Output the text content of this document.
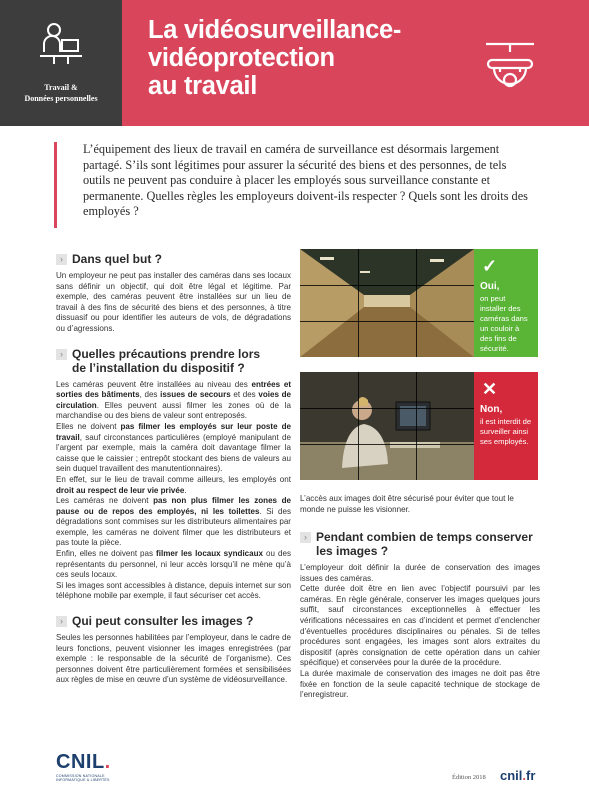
Travail &
Données personnelles
La vidéosurveillance-
vidéoprotection
au travail

L’équipement des lieux de travail en caméra de surveillance est désormais largement partagé. S’ils sont légitimes pour assurer la sécurité des biens et des personnes, de tels outils ne peuvent pas conduire à placer les employés sous surveillance constante et permanente. Quelles règles les employeurs doivent-ils respecter ? Quels sont les droits des employés ?

› Dans quel but ?

Un employeur ne peut pas installer des caméras dans ses locaux sans définir un objectif, qui doit être légal et légitime. Par exemple, des caméras peuvent être installées sur un lieu de travail à des fins de sécurité des biens et des personnes, à titre dissuasif ou pour identifier les auteurs de vols, de dégradations ou d’agressions.

› Quelles précautions prendre lors
de l’installation du dispositif ?

Les caméras peuvent être installées au niveau des entrées et sorties des bâtiments, des issues de secours et des voies de circulation. Elles peuvent aussi filmer les zones où de la marchandise ou des biens de valeur sont entreposés.

Elles ne doivent pas filmer les employés sur leur poste de travail, sauf circonstances particulières (employé manipulant de l’argent par exemple, mais la caméra doit davantage filmer la caisse que le caissier ; entrepôt stockant des biens de valeurs au sein duquel travaillent des manutentionnaires).

En effet, sur le lieu de travail comme ailleurs, les employés ont droit au respect de leur vie privée.

Les caméras ne doivent pas non plus filmer les zones de pause ou de repos des employés, ni les toilettes. Si des dégradations sont commises sur les distributeurs alimentaires par exemple, les caméras ne doivent filmer que les distributeurs et pas toute la pièce.

Enfin, elles ne doivent pas filmer les locaux syndicaux ou des représentants du personnel, ni leur accès lorsqu’il ne mène qu’à ces seuls locaux.

Si les images sont accessibles à distance, depuis internet sur son téléphone mobile par exemple, il faut sécuriser cet accès.

› Qui peut consulter les images ?

Seules les personnes habilitées par l’employeur, dans le cadre de leurs fonctions, peuvent visionner les images enregistrées (par exemple : le responsable de la sécurité de l’organisme). Ces personnes doivent être particulièrement formées et sensibilisées aux règles de mise en œuvre d’un système de vidéosurveillance.

✓
Oui,
on peut installer des caméras dans un couloir à des fins de sécurité.
✕
Non,
il est interdit de surveiller ainsi ses employés.

L’accès aux images doit être sécurisé pour éviter que tout le monde ne puisse les visionner.

› Pendant combien de temps conserver
les images ?

L’employeur doit définir la durée de conservation des images issues des caméras.

Cette durée doit être en lien avec l’objectif poursuivi par les caméras. En règle générale, conserver les images quelques jours suffit, sauf circonstances exceptionnelles à effectuer les vérifications nécessaires en cas d’incident et permet d’enclencher d’éventuelles procédures disciplinaires ou pénales. Si de telles procédures sont engagées, les images sont alors extraites du dispositif (après consignation de cette opération dans un cahier spécifique) et conservées pour la durée de la procédure.

La durée maximale de conservation des images ne doit pas être fixée en fonction de la seule capacité technique de stockage de l’enregistreur.

CNIL.
COMMISSION NATIONALE
INFORMATIQUE & LIBERTÉS	Édition 2018 cnil.fr
